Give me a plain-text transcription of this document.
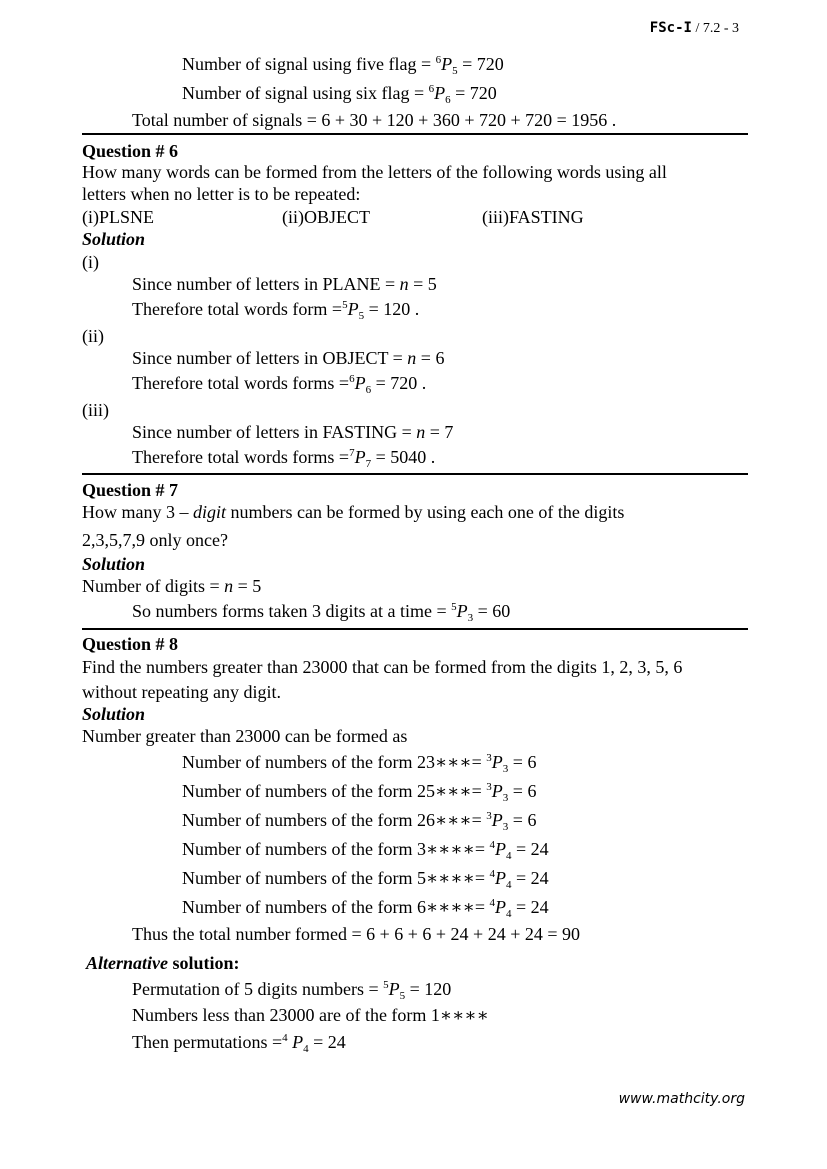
FSc-I / 7.2 - 3
Number of signal using five flag = $^6P_5 = 720$
Number of signal using six flag = $^6P_6 = 720$
Total number of signals = 6 + 30 + 120 + 360 + 720 + 720 = 1956 .
Question # 6
How many words can be formed from the letters of the following words using all
letters when no letter is to be repeated:
(i)PLSNE	(ii)OBJECT	(iii)FASTING
Solution
(i)
Since number of letters in PLANE = n = 5
Therefore total words form $=^5P_5 = 120$ .
(ii)
Since number of letters in OBJECT = n = 6
Therefore total words forms $=^6P_6 = 720$ .
(iii)
Since number of letters in FASTING = n = 7
Therefore total words forms $=^7P_7 = 5040$ .
Question # 7
How many 3 – digit numbers can be formed by using each one of the digits
2,3,5,7,9 only once?
Solution
Number of digits = n = 5
So numbers forms taken 3 digits at a time = $^5P_3 = 60$
Question # 8
Find the numbers greater than 23000 that can be formed from the digits 1, 2, 3, 5, 6
without repeating any digit.
Solution
Number greater than 23000 can be formed as
Number of numbers of the form 23∗∗∗= $^3P_3 = 6$
Number of numbers of the form 25∗∗∗= $^3P_3 = 6$
Number of numbers of the form 26∗∗∗= $^3P_3 = 6$
Number of numbers of the form 3∗∗∗∗= $^4P_4 = 24$
Number of numbers of the form 5∗∗∗∗= $^4P_4 = 24$
Number of numbers of the form 6∗∗∗∗= $^4P_4 = 24$
Thus the total number formed = 6 + 6 + 6 + 24 + 24 + 24 = 90
Alternative solution:
Permutation of 5 digits numbers = $^5P_5 = 120$
Numbers less than 23000 are of the form 1∗∗∗∗
Then permutations =$^4$ $P_4 = 24$
www.mathcity.org
